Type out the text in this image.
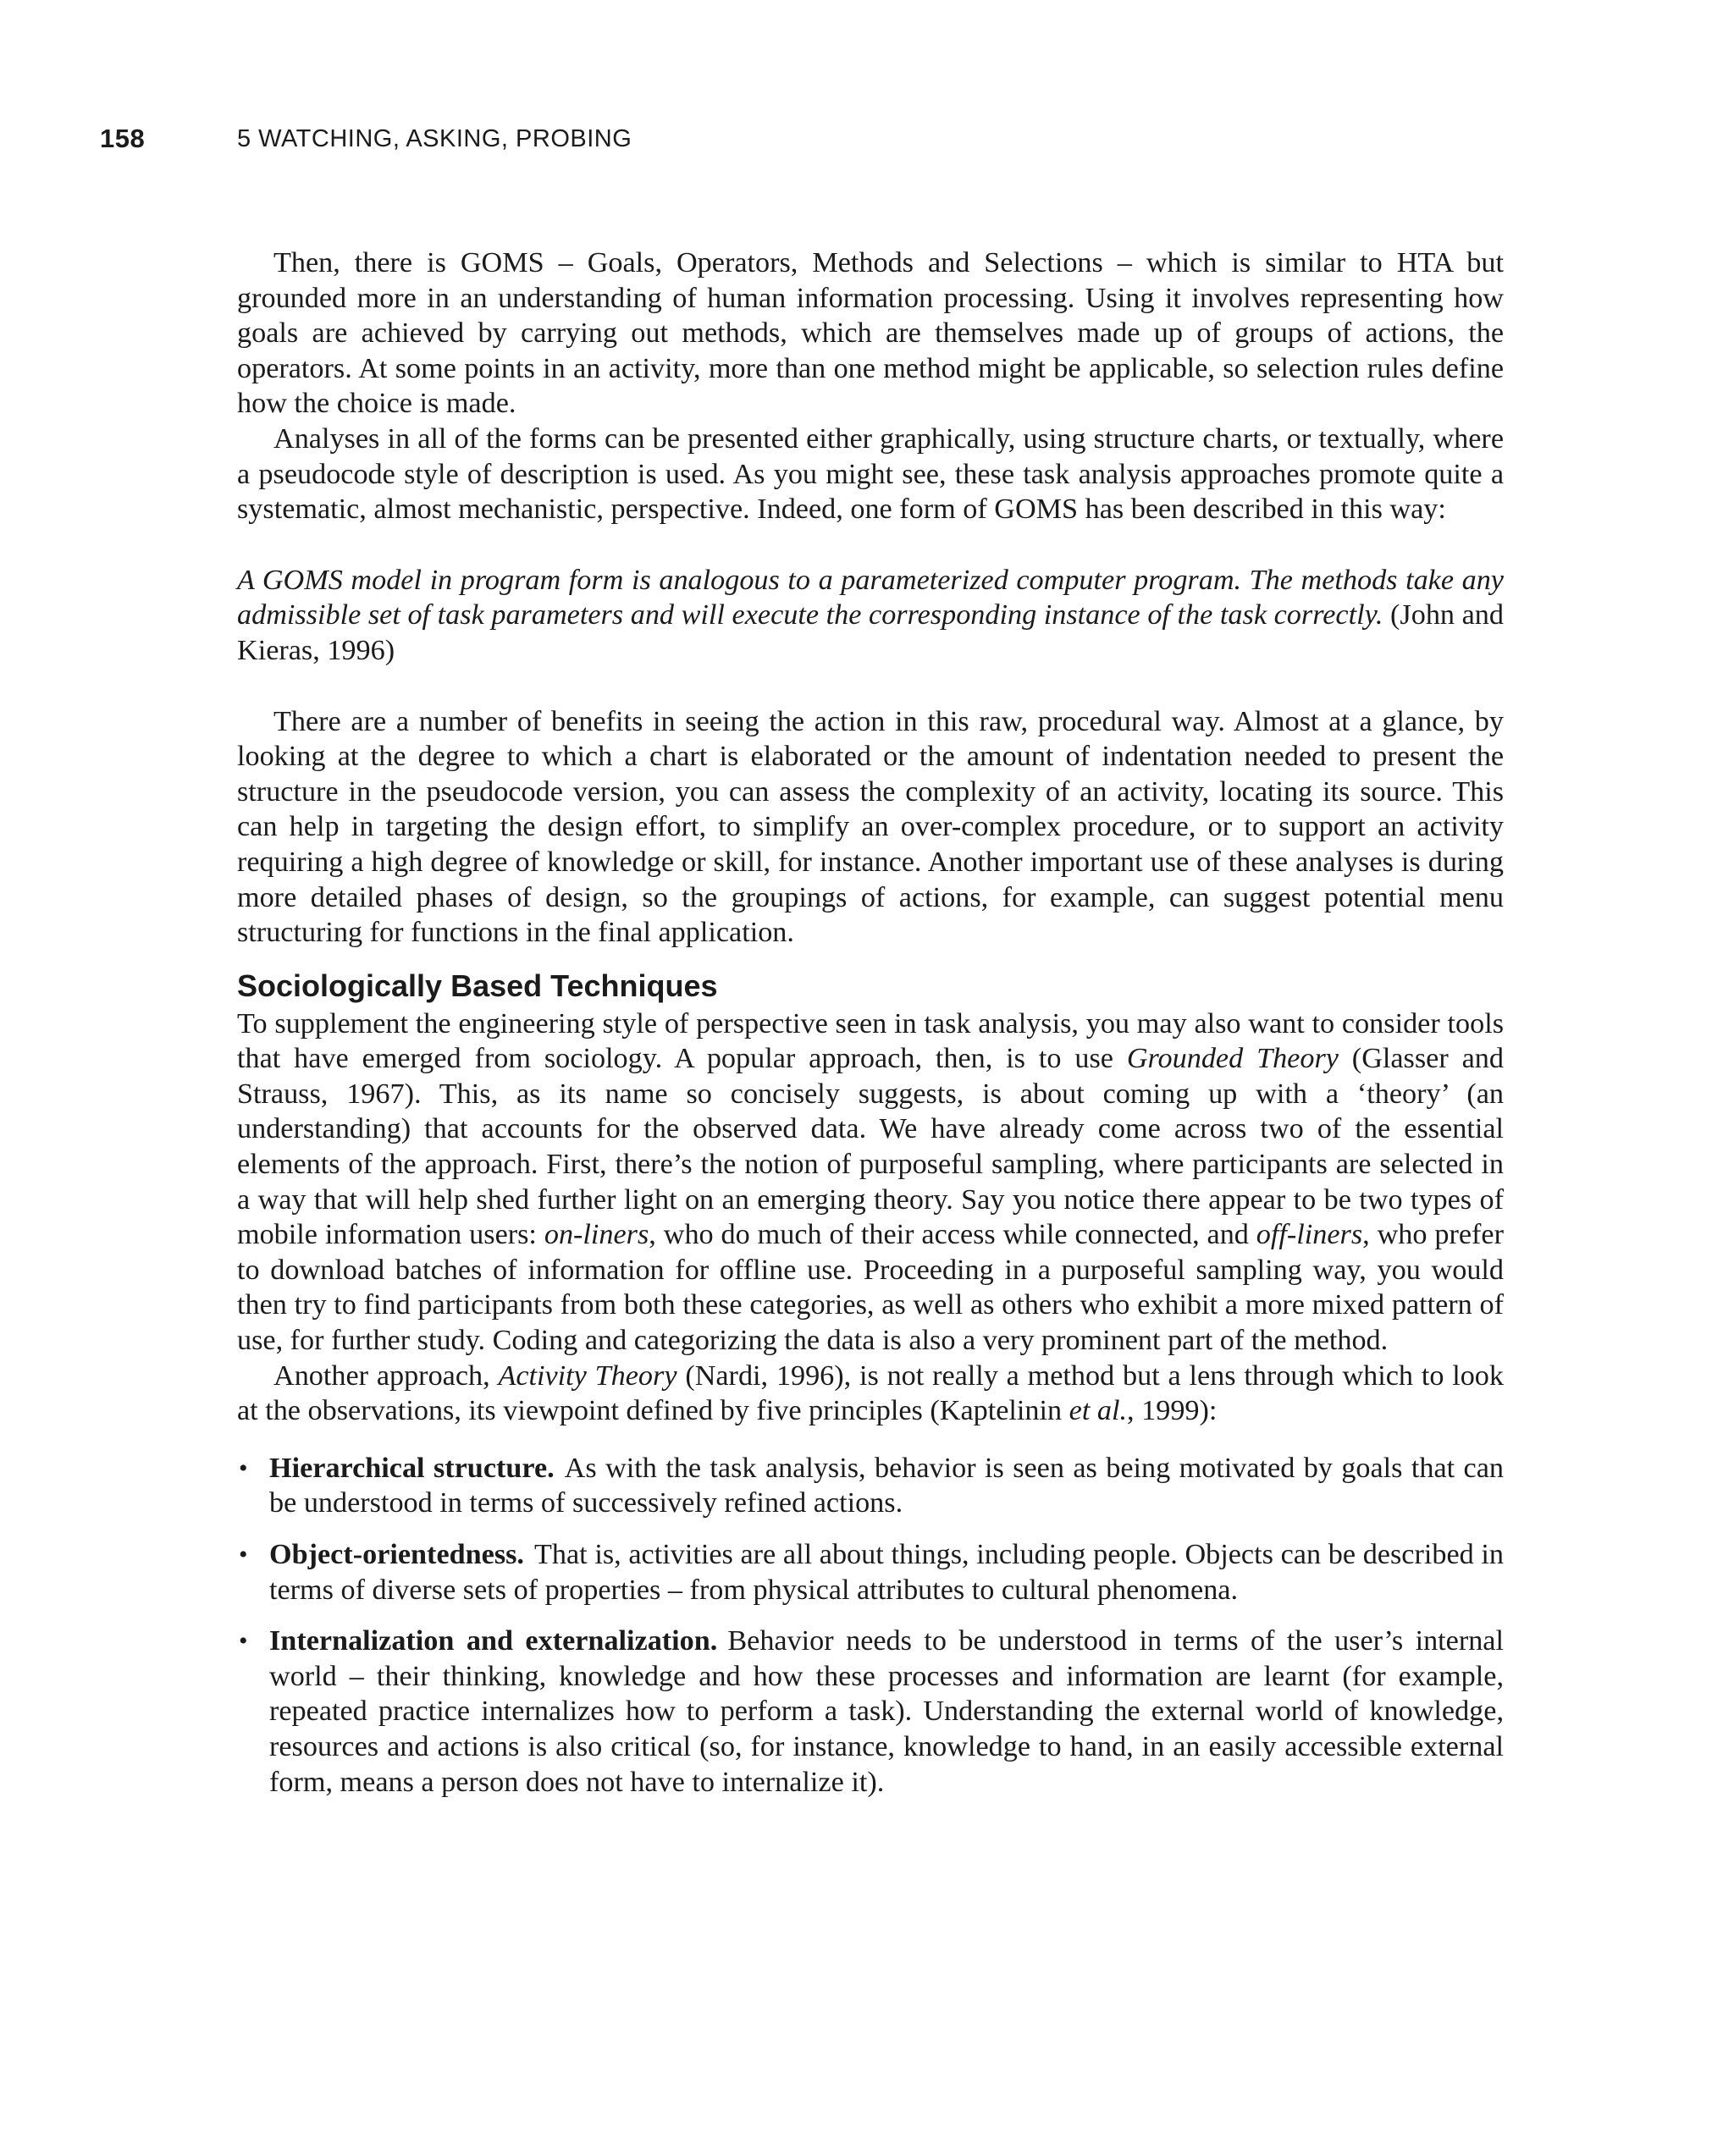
158	5 WATCHING, ASKING, PROBING

Then, there is GOMS – Goals, Operators, Methods and Selections – which is similar to HTA but grounded more in an understanding of human information processing. Using it involves representing how goals are achieved by carrying out methods, which are themselves made up of groups of actions, the operators. At some points in an activity, more than one method might be applicable, so selection rules define how the choice is made.

Analyses in all of the forms can be presented either graphically, using structure charts, or textually, where a pseudocode style of description is used. As you might see, these task analysis approaches promote quite a systematic, almost mechanistic, perspective. Indeed, one form of GOMS has been described in this way:

A GOMS model in program form is analogous to a parameterized computer program. The methods take any admissible set of task parameters and will execute the corresponding instance of the task correctly. (John and Kieras, 1996)

There are a number of benefits in seeing the action in this raw, procedural way. Almost at a glance, by looking at the degree to which a chart is elaborated or the amount of indentation needed to present the structure in the pseudocode version, you can assess the complexity of an activity, locating its source. This can help in targeting the design effort, to simplify an over-complex procedure, or to support an activity requiring a high degree of knowledge or skill, for instance. Another important use of these analyses is during more detailed phases of design, so the groupings of actions, for example, can suggest potential menu structuring for functions in the final application.

Sociologically Based Techniques

To supplement the engineering style of perspective seen in task analysis, you may also want to consider tools that have emerged from sociology. A popular approach, then, is to use Grounded Theory (Glasser and Strauss, 1967). This, as its name so concisely suggests, is about coming up with a ‘theory’ (an understanding) that accounts for the observed data. We have already come across two of the essential elements of the approach. First, there’s the notion of purposeful sampling, where participants are selected in a way that will help shed further light on an emerging theory. Say you notice there appear to be two types of mobile information users: on-liners, who do much of their access while connected, and off-liners, who prefer to download batches of information for offline use. Proceeding in a purposeful sampling way, you would then try to find participants from both these categories, as well as others who exhibit a more mixed pattern of use, for further study. Coding and categorizing the data is also a very prominent part of the method.

Another approach, Activity Theory (Nardi, 1996), is not really a method but a lens through which to look at the observations, its viewpoint defined by five principles (Kaptelinin et al., 1999):

• Hierarchical structure. As with the task analysis, behavior is seen as being motivated by goals that can be understood in terms of successively refined actions.
• Object-orientedness. That is, activities are all about things, including people. Objects can be described in terms of diverse sets of properties – from physical attributes to cultural phenomena.
• Internalization and externalization. Behavior needs to be understood in terms of the user’s internal world – their thinking, knowledge and how these processes and information are learnt (for example, repeated practice internalizes how to perform a task). Understanding the external world of knowledge, resources and actions is also critical (so, for instance, knowledge to hand, in an easily accessible external form, means a person does not have to internalize it).
